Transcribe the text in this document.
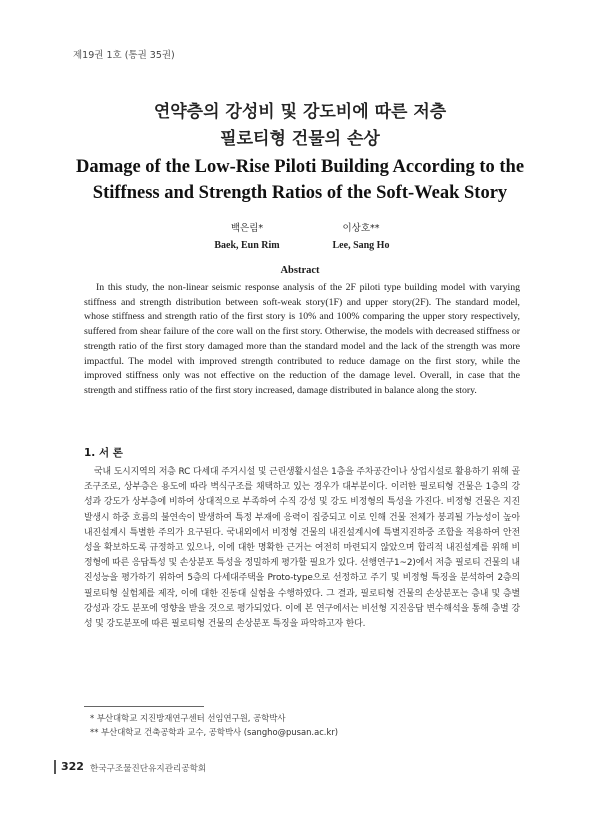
제19권 1호 (통권 35권)
연약층의 강성비 및 강도비에 따른 저층
필로티형 건물의 손상
Damage of the Low-Rise Piloti Building According to the
Stiffness and Strength Ratios of the Soft-Weak Story
백은림*
Baek, Eun Rim
이상호**
Lee, Sang Ho
Abstract
In this study, the non-linear seismic response analysis of the 2F piloti type building model with varying stiffness and strength distribution between soft-weak story(1F) and upper story(2F). The standard model, whose stiffness and strength ratio of the first story is 10% and 100% comparing the upper story respectively, suffered from shear failure of the core wall on the first story. Otherwise, the models with decreased stiffness or strength ratio of the first story damaged more than the standard model and the lack of the strength was more impactful. The model with improved strength contributed to reduce damage on the first story, while the improved stiffness only was not effective on the reduction of the damage level. Overall, in case that the strength and stiffness ratio of the first story increased, damage distributed in balance along the story.
1. 서 론
국내 도시지역의 저층 RC 다세대 주거시설 및 근린생활시설은 1층을 주차공간이나 상업시설로 활용하기 위해 골조구조로, 상부층은 용도에 따라 벽식구조를 채택하고 있는 경우가 대부분이다. 이러한 필로티형 건물은 1층의 강성과 강도가 상부층에 비하여 상대적으로 부족하여 수직 강성 및 강도 비정형의 특성을 가진다. 비정형 건물은 지진발생시 하중 흐름의 불연속이 발생하여 특정 부재에 응력이 집중되고 이로 인해 건물 전체가 붕괴될 가능성이 높아 내진설계시 특별한 주의가 요구된다. 국내외에서 비정형 건물의 내진설계시에 특별지진하중 조합을 적용하여 안전성을 확보하도록 규정하고 있으나, 이에 대한 명확한 근거는 여전히 마련되지 않았으며 합리적 내진설계를 위해 비정형에 따른 응답특성 및 손상분포 특성을 정밀하게 평가할 필요가 있다. 선행연구1~2)에서 저층 필로티 건물의 내진성능을 평가하기 위하여 5층의 다세대주택을 Proto-type으로 선정하고 주기 및 비정형 특징을 분석하여 2층의 필로티형 실험체를 제작, 이에 대한 진동대 실험을 수행하였다. 그 결과, 필로티형 건물의 손상분포는 층내 및 층별 강성과 강도 분포에 영향을 받을 것으로 평가되었다. 이에 본 연구에서는 비선형 지진응답 변수해석을 통해 층별 강성 및 강도분포에 따른 필로티형 건물의 손상분포 특징을 파악하고자 한다.
* 부산대학교 지진방재연구센터 선임연구원, 공학박사
** 부산대학교 건축공학과 교수, 공학박사 (sangho@pusan.ac.kr)
322 한국구조물진단유지관리공학회
